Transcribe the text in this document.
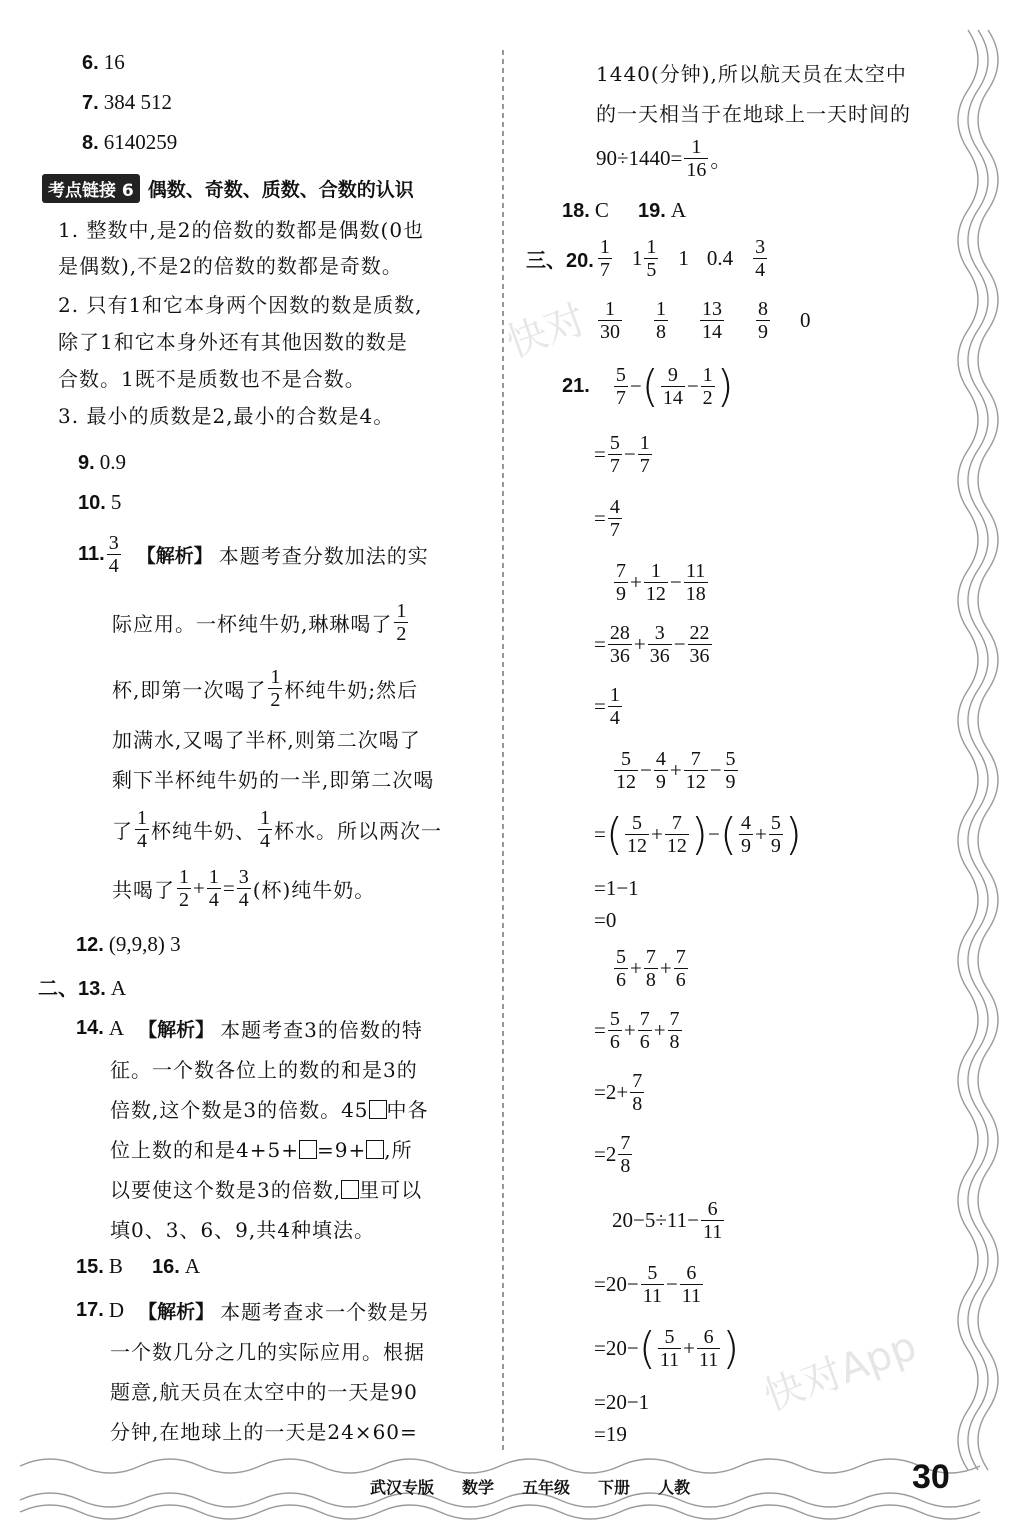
快对
快对App
6. 16
7. 384 512
8. 6140259
考点链接 6 偶数、奇数、质数、合数的认识
1. 整数中,是2的倍数的数都是偶数(0也
是偶数),不是2的倍数的数都是奇数。
2. 只有1和它本身两个因数的数是质数,
除了1和它本身外还有其他因数的数是
合数。1既不是质数也不是合数。
3. 最小的质数是2,最小的合数是4。
9. 0.9
10. 5
11. $\frac{3}{4}$ 【解析】 本题考查分数加法的实
际应用。一杯纯牛奶,琳琳喝了 $\frac{1}{2}$
杯,即第一次喝了 $\frac{1}{2}$ 杯纯牛奶;然后
加满水,又喝了半杯,则第二次喝了
剩下半杯纯牛奶的一半,即第二次喝
了 $\frac{1}{4}$ 杯纯牛奶、 $\frac{1}{4}$ 杯水。所以两次一
共喝了 $\frac{1}{2} + \frac{1}{4} = \frac{3}{4}$ (杯)纯牛奶。
12. (9,9,8) 3
二、13. A
14.
A 【解析】 本题考查3的倍数的特
征。一个数各位上的数的和是3的
倍数,这个数是3的倍数。45 中各
位上数的和是4+5+ =9+ ,所
以要使这个数是3的倍数, 里可以
填0、3、6、9,共4种填法。
15. B 16. A
17.
D 【解析】 本题考查求一个数是另
一个数几分之几的实际应用。根据
题意,航天员在太空中的一天是90
分钟,在地球上的一天是24×60=
1440(分钟),所以航天员在太空中
的一天相当于在地球上一天时间的
$90\div 1440= \frac{1}{16}$ 。
18. C 19. A
三、20. $\frac{1}{7} 1 \frac{1}{5} 1$ $0.4 \frac{3}{4}$
$\frac{1}{30} \frac{1}{8} \frac{13}{14} \frac{8}{9} 0$
21. $\frac{5}{7}$ − ( $\frac{9}{14} - \frac{1}{2}$ )
= $\frac{5}{7} - \frac{1}{7}$
= $\frac{4}{7}$
$\frac{7}{9} + \frac{1}{12} - \frac{11}{18}$
= $\frac{28}{36} + \frac{3}{36} - \frac{22}{36}$
= $\frac{1}{4}$
$\frac{5}{12} - \frac{4}{9} + \frac{7}{12} - \frac{5}{9}$
= ( $\frac{5}{12} + \frac{7}{12}$ ) − ( $\frac{4}{9} + \frac{5}{9}$ )
=1−1
=0
$\frac{5}{6} + \frac{7}{8} + \frac{7}{6}$
= $\frac{5}{6} + \frac{7}{6} + \frac{7}{8}$
$=2+ \frac{7}{8}$
$=2 \frac{7}{8}$
$20-5\div 11- \frac{6}{11}$
$=20- \frac{5}{11} - \frac{6}{11}$
=20− ( $\frac{5}{11} + \frac{6}{11}$ )
=20−1
=19
武汉专版 数学 五年级 下册 人教	30
